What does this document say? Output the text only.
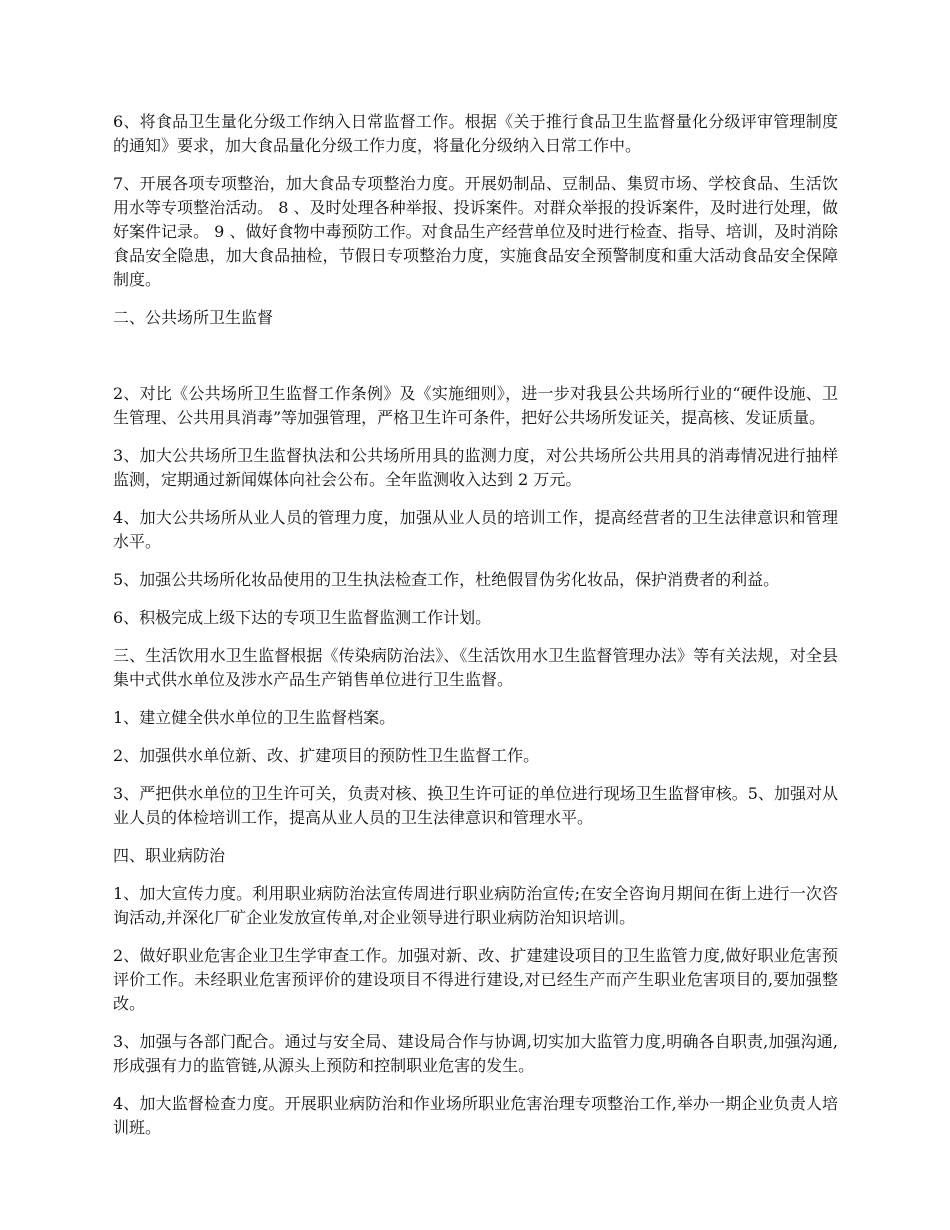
6、将食品卫生量化分级工作纳入日常监督工作。根据《关于推行食品卫生监督量化分级评审管理制度的通知》要求，加大食品量化分级工作力度，将量化分级纳入日常工作中。

7、开展各项专项整治，加大食品专项整治力度。开展奶制品、豆制品、集贸市场、学校食品、生活饮用水等专项整治活动。 8 、及时处理各种举报、投诉案件。对群众举报的投诉案件，及时进行处理，做好案件记录。 9 、做好食物中毒预防工作。对食品生产经营单位及时进行检查、指导、培训，及时消除食品安全隐患，加大食品抽检，节假日专项整治力度，实施食品安全预警制度和重大活动食品安全保障制度。

二、公共场所卫生监督

2、对比《公共场所卫生监督工作条例》及《实施细则》，进一步对我县公共场所行业的“硬件设施、卫生管理、公共用具消毒”等加强管理，严格卫生许可条件，把好公共场所发证关，提高核、发证质量。

3、加大公共场所卫生监督执法和公共场所用具的监测力度，对公共场所公共用具的消毒情况进行抽样监测，定期通过新闻媒体向社会公布。全年监测收入达到 2 万元。

4、加大公共场所从业人员的管理力度，加强从业人员的培训工作，提高经营者的卫生法律意识和管理水平。

5、加强公共场所化妆品使用的卫生执法检查工作，杜绝假冒伪劣化妆品，保护消费者的利益。

6、积极完成上级下达的专项卫生监督监测工作计划。

三、生活饮用水卫生监督根据《传染病防治法》、《生活饮用水卫生监督管理办法》等有关法规，对全县集中式供水单位及涉水产品生产销售单位进行卫生监督。

1、建立健全供水单位的卫生监督档案。

2、加强供水单位新、改、扩建项目的预防性卫生监督工作。

3、严把供水单位的卫生许可关，负责对核、换卫生许可证的单位进行现场卫生监督审核。5、加强对从业人员的体检培训工作，提高从业人员的卫生法律意识和管理水平。

四、职业病防治

1、加大宣传力度。利用职业病防治法宣传周进行职业病防治宣传;在安全咨询月期间在街上进行一次咨询活动,并深化厂矿企业发放宣传单,对企业领导进行职业病防治知识培训。

2、做好职业危害企业卫生学审查工作。加强对新、改、扩建建设项目的卫生监管力度,做好职业危害预评价工作。未经职业危害预评价的建设项目不得进行建设,对已经生产而产生职业危害项目的,要加强整改。

3、加强与各部门配合。通过与安全局、建设局合作与协调,切实加大监管力度,明确各自职责,加强沟通,形成强有力的监管链,从源头上预防和控制职业危害的发生。

4、加大监督检查力度。开展职业病防治和作业场所职业危害治理专项整治工作,举办一期企业负责人培训班。
